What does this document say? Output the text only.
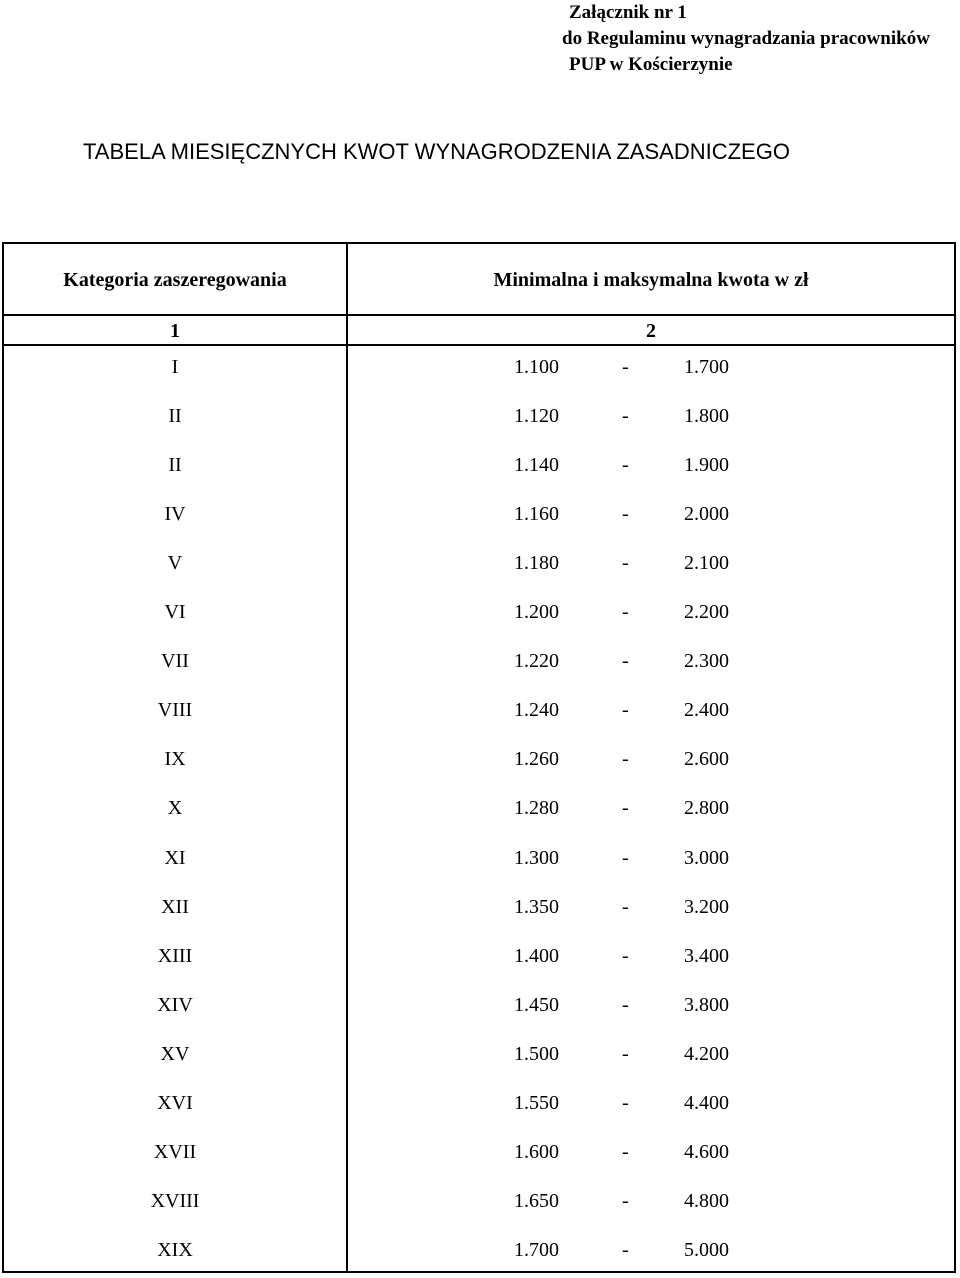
Załącznik nr 1
do Regulaminu wynagradzania pracowników
PUP w Kościerzynie
TABELA MIESIĘCZNYCH KWOT WYNAGRODZENIA ZASADNICZEGO
Kategoria zaszeregowania	Minimalna i maksymalna kwota w zł
1	2
I	1.100	-	1.700
II	1.120	-	1.800
II	1.140	-	1.900
IV	1.160	-	2.000
V	1.180	-	2.100
VI	1.200	-	2.200
VII	1.220	-	2.300
VIII	1.240	-	2.400
IX	1.260	-	2.600
X	1.280	-	2.800
XI	1.300	-	3.000
XII	1.350	-	3.200
XIII	1.400	-	3.400
XIV	1.450	-	3.800
XV	1.500	-	4.200
XVI	1.550	-	4.400
XVII	1.600	-	4.600
XVIII	1.650	-	4.800
XIX	1.700	-	5.000
